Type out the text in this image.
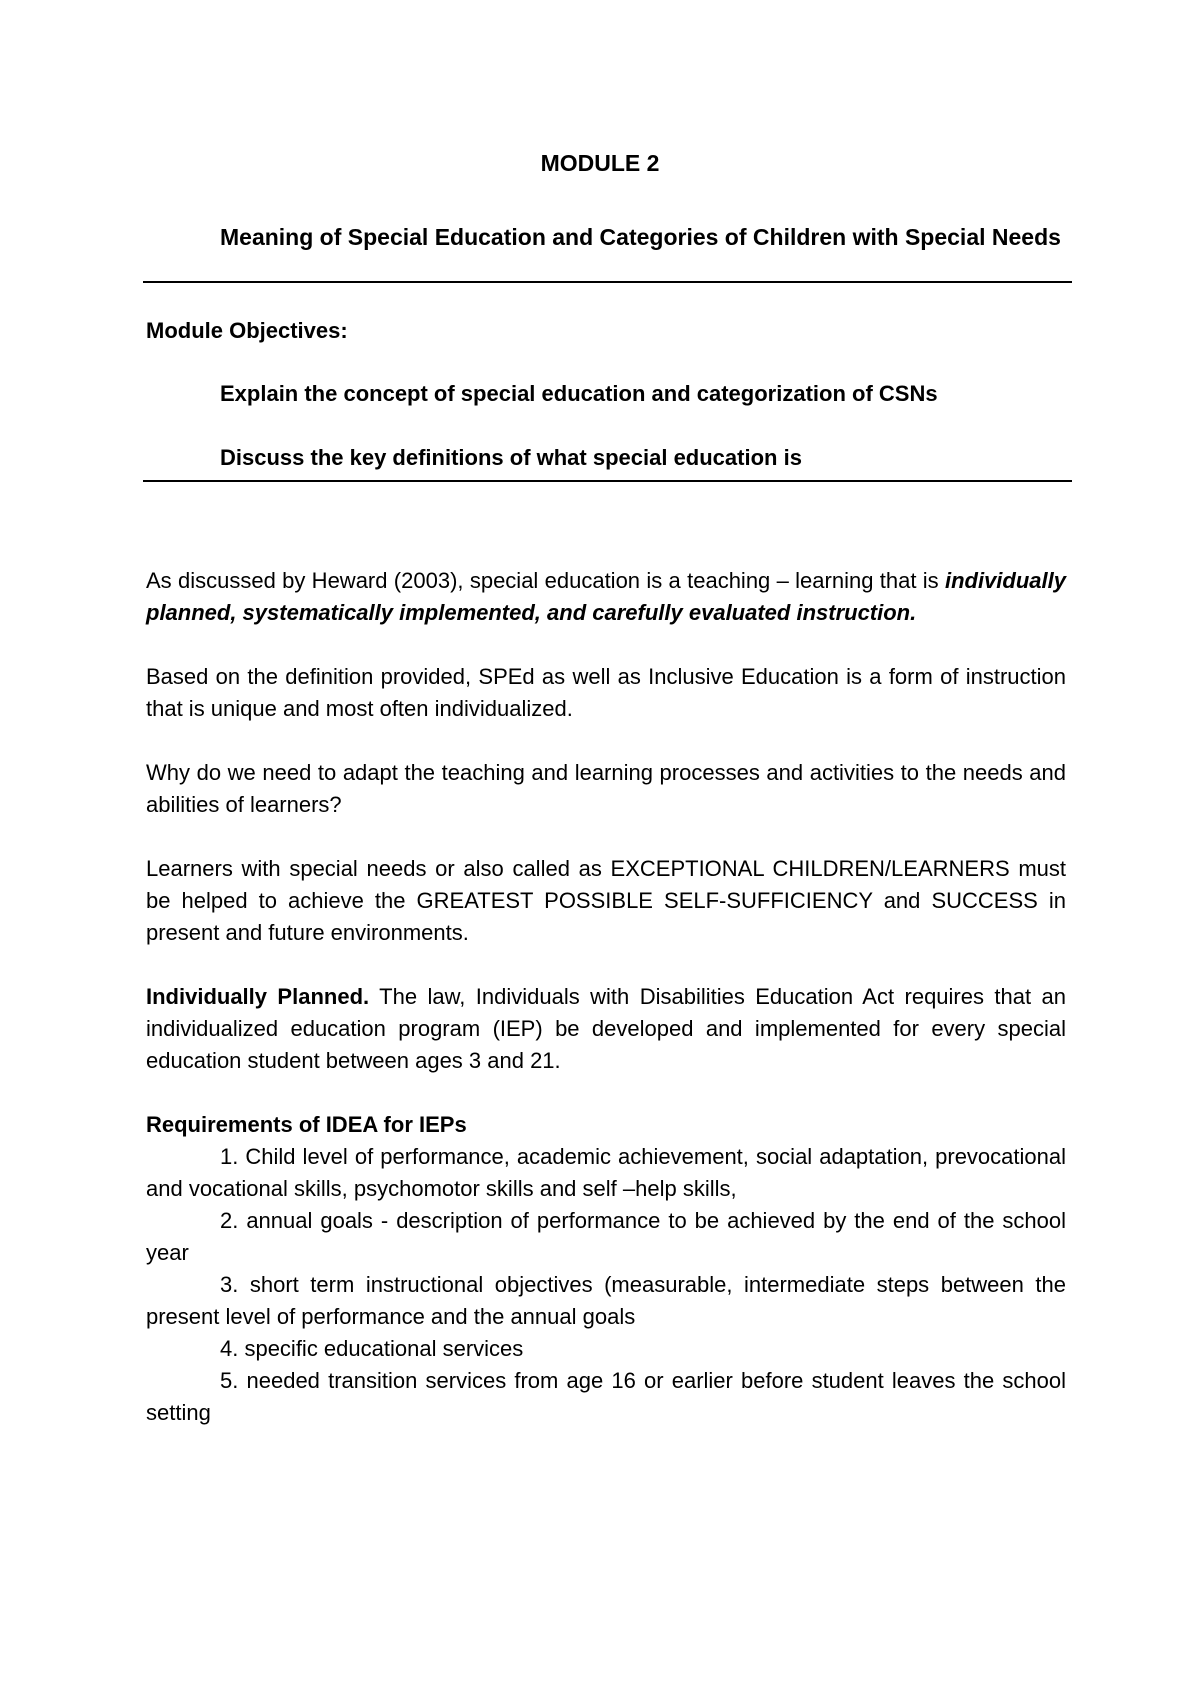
MODULE 2
Meaning of Special Education and Categories of Children with Special Needs

Module Objectives:

Explain the concept of special education and categorization of CSNs

Discuss the key definitions of what special education is

As discussed by Heward (2003), special education is a teaching – learning that is individually planned, systematically implemented, and carefully evaluated instruction.

Based on the definition provided, SPEd as well as Inclusive Education is a form of instruction that is unique and most often individualized.

Why do we need to adapt the teaching and learning processes and activities to the needs and abilities of learners?

Learners with special needs or also called as EXCEPTIONAL CHILDREN/LEARNERS must be helped to achieve the GREATEST POSSIBLE SELF-SUFFICIENCY and SUCCESS in present and future environments.

Individually Planned. The law, Individuals with Disabilities Education Act requires that an individualized education program (IEP) be developed and implemented for every special education student between ages 3 and 21.

Requirements of IDEA for IEPs

1. Child level of performance, academic achievement, social adaptation, prevocational and vocational skills, psychomotor skills and self –help skills,

2. annual goals - description of performance to be achieved by the end of the school year

3. short term instructional objectives (measurable, intermediate steps between the present level of performance and the annual goals

4. specific educational services

5. needed transition services from age 16 or earlier before student leaves the school setting
